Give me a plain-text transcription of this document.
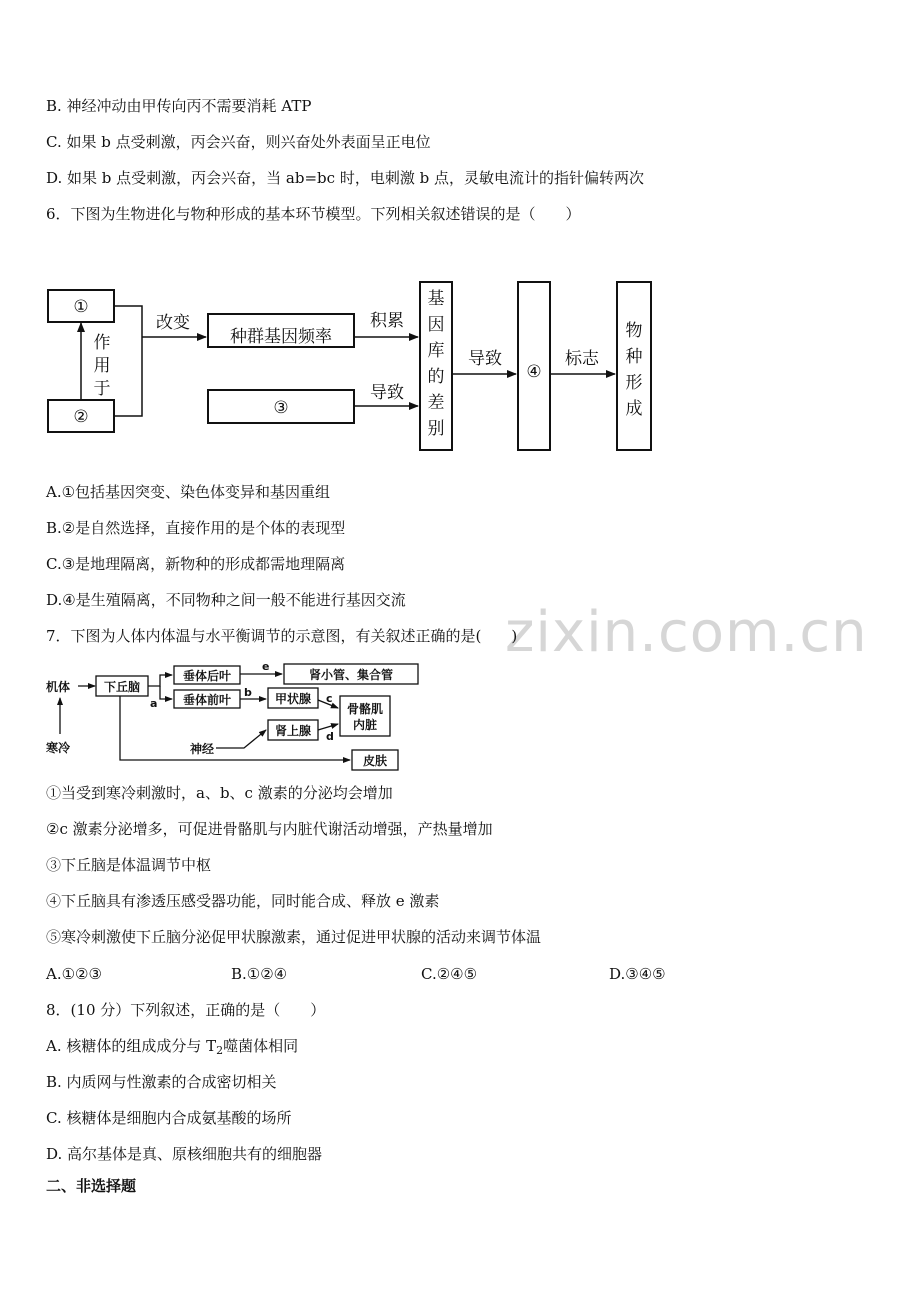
zixin.com.cn
B. 神经冲动由甲传向丙不需要消耗 ATP
C. 如果 b 点受刺激，丙会兴奋，则兴奋处外表面呈正电位
D. 如果 b 点受刺激，丙会兴奋，当 ab=bc 时，电刺激 b 点，灵敏电流计的指针偏转两次
6．下图为生物进化与物种形成的基本环节模型。下列相关叙述错误的是（　　）
①
②
种群基因频率
③
④
作
用
于
改变	积累
导致
导致	标志
基
因
库
的
差
别
物
种
形
成
A.①包括基因突变、染色体变异和基因重组
B.②是自然选择，直接作用的是个体的表现型
C.③是地理隔离，新物种的形成都需地理隔离
D.④是生殖隔离，不同物种之间一般不能进行基因交流
7．下图为人体内体温与水平衡调节的示意图，有关叙述正确的是(　　)
机体
寒冷
下丘脑
垂体后叶
垂体前叶
肾小管、集合管
甲状腺
肾上腺
骨骼肌
内脏
皮肤
神经
a
b	c
d
e
①当受到寒冷刺激时，a、b、c 激素的分泌均会增加
②c 激素分泌增多，可促进骨骼肌与内脏代谢活动增强，产热量增加
③下丘脑是体温调节中枢
④下丘脑具有渗透压感受器功能，同时能合成、释放 e 激素
⑤寒冷刺激使下丘脑分泌促甲状腺激素，通过促进甲状腺的活动来调节体温
A.①②③	B.①②④	C.②④⑤	D.③④⑤
8．(10 分）下列叙述，正确的是（　　）
A. 核糖体的组成成分与 $T_2$噬菌体相同
B. 内质网与性激素的合成密切相关
C. 核糖体是细胞内合成氨基酸的场所
D. 高尔基体是真、原核细胞共有的细胞器
二、非选择题
